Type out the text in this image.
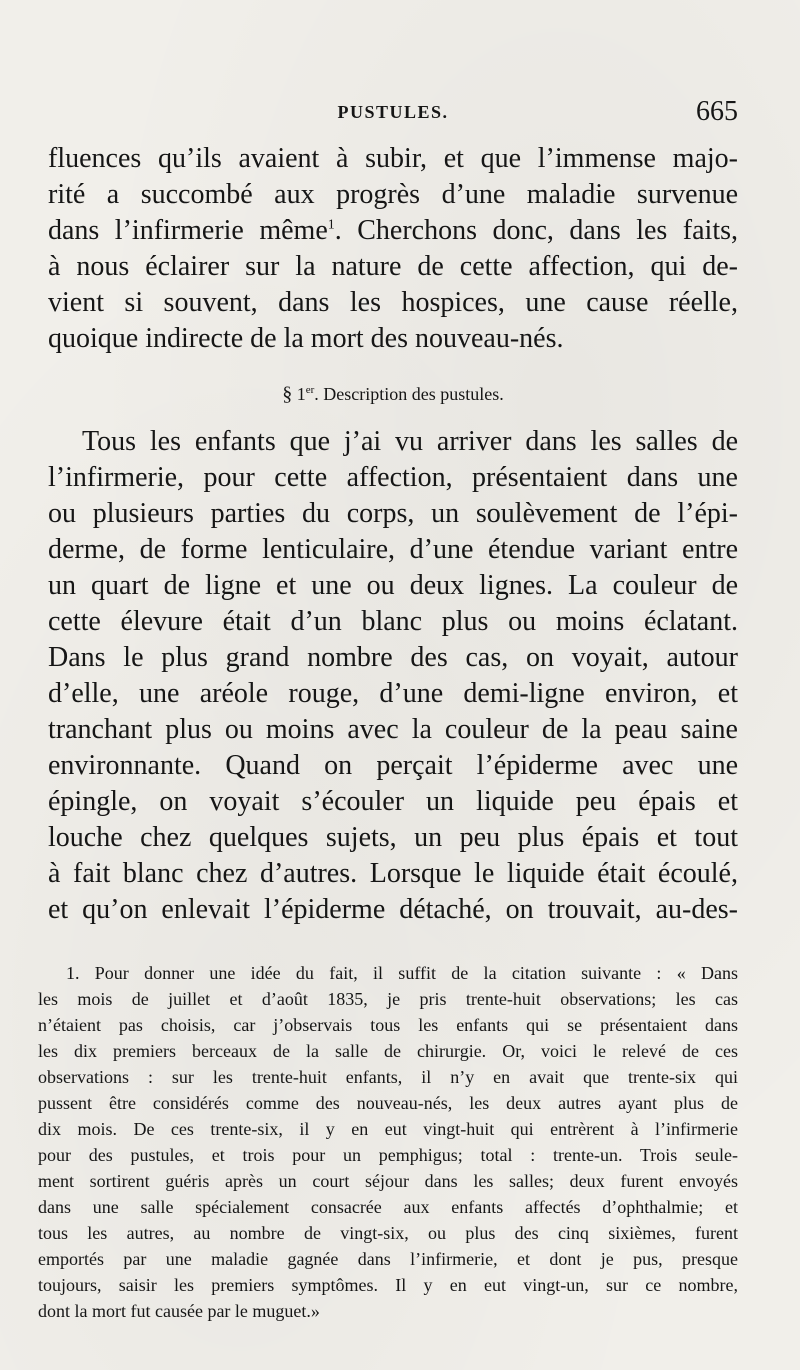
PUSTULES.	665
fluences qu’ils avaient à subir, et que l’immense majo-
rité a succombé aux progrès d’une maladie survenue
dans l’infirmerie même$^1$. Cherchons donc, dans les faits,
à nous éclairer sur la nature de cette affection, qui de-
vient si souvent, dans les hospices, une cause réelle,
quoique indirecte de la mort des nouveau-nés.
§ 1er. Description des pustules.
Tous les enfants que j’ai vu arriver dans les salles de
l’infirmerie, pour cette affection, présentaient dans une
ou plusieurs parties du corps, un soulèvement de l’épi-
derme, de forme lenticulaire, d’une étendue variant entre
un quart de ligne et une ou deux lignes. La couleur de
cette élevure était d’un blanc plus ou moins éclatant.
Dans le plus grand nombre des cas, on voyait, autour
d’elle, une aréole rouge, d’une demi-ligne environ, et
tranchant plus ou moins avec la couleur de la peau saine
environnante. Quand on perçait l’épiderme avec une
épingle, on voyait s’écouler un liquide peu épais et
louche chez quelques sujets, un peu plus épais et tout
à fait blanc chez d’autres. Lorsque le liquide était écoulé,
et qu’on enlevait l’épiderme détaché, on trouvait, au-des-
1. Pour donner une idée du fait, il suffit de la citation suivante : « Dans
les mois de juillet et d’août 1835, je pris trente-huit observations; les cas
n’étaient pas choisis, car j’observais tous les enfants qui se présentaient dans
les dix premiers berceaux de la salle de chirurgie. Or, voici le relevé de ces
observations : sur les trente-huit enfants, il n’y en avait que trente-six qui
pussent être considérés comme des nouveau-nés, les deux autres ayant plus de
dix mois. De ces trente-six, il y en eut vingt-huit qui entrèrent à l’infirmerie
pour des pustules, et trois pour un pemphigus; total : trente-un. Trois seule-
ment sortirent guéris après un court séjour dans les salles; deux furent envoyés
dans une salle spécialement consacrée aux enfants affectés d’ophthalmie; et
tous les autres, au nombre de vingt-six, ou plus des cinq sixièmes, furent
emportés par une maladie gagnée dans l’infirmerie, et dont je pus, presque
toujours, saisir les premiers symptômes. Il y en eut vingt-un, sur ce nombre,
dont la mort fut causée par le muguet.»
